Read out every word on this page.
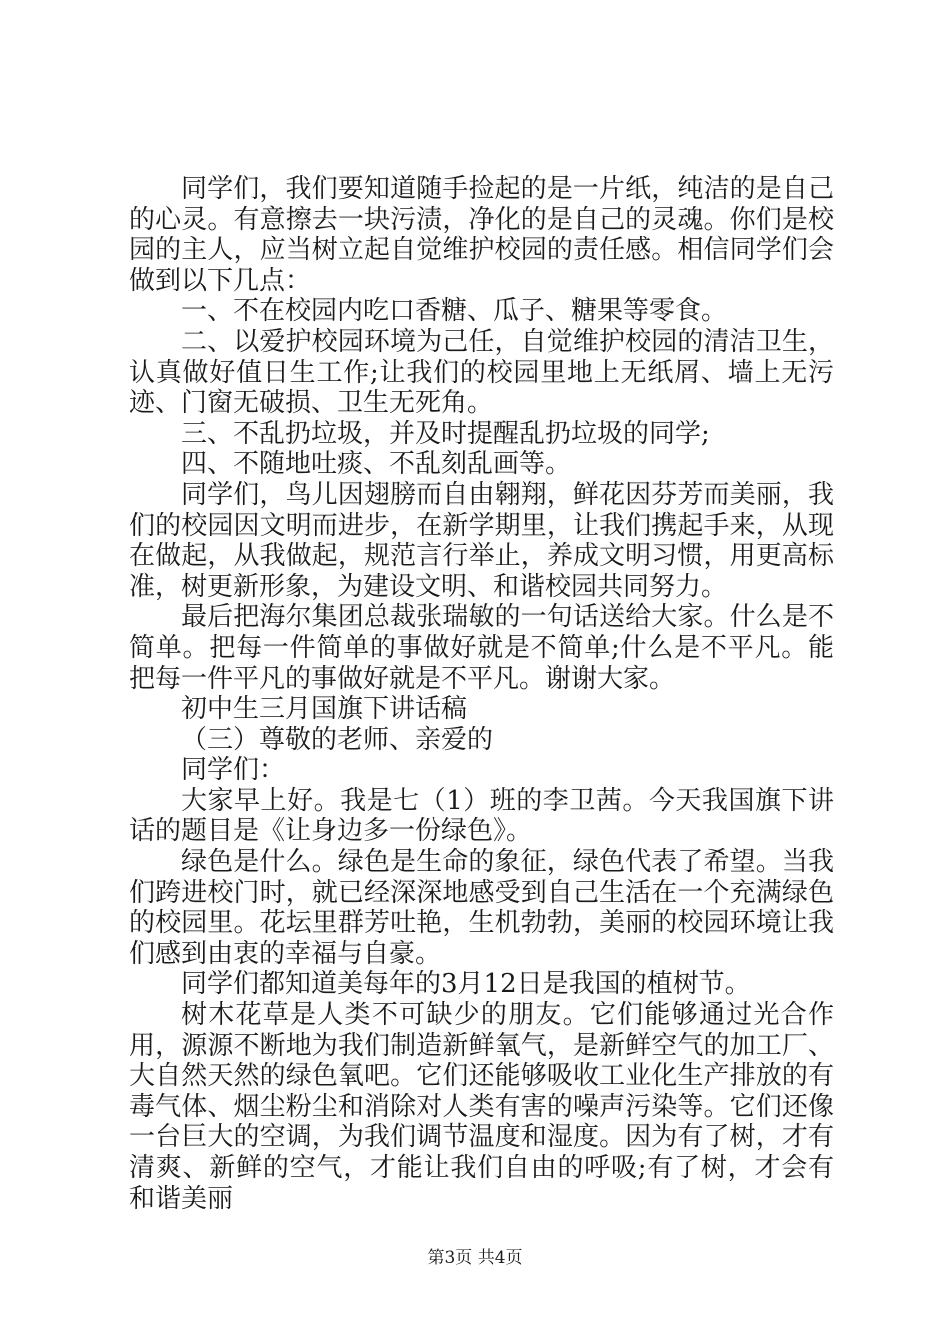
同学们，我们要知道随手捡起的是一片纸，纯洁的是自己的心灵。有意擦去一块污渍，净化的是自己的灵魂。你们是校园的主人，应当树立起自觉维护校园的责任感。相信同学们会做到以下几点：

一、不在校园内吃口香糖、瓜子、糖果等零食。

二、以爱护校园环境为己任，自觉维护校园的清洁卫生，认真做好值日生工作;让我们的校园里地上无纸屑、墙上无污迹、门窗无破损、卫生无死角。

三、不乱扔垃圾，并及时提醒乱扔垃圾的同学;

四、不随地吐痰、不乱刻乱画等。

同学们，鸟儿因翅膀而自由翱翔，鲜花因芬芳而美丽，我们的校园因文明而进步，在新学期里，让我们携起手来，从现在做起，从我做起，规范言行举止，养成文明习惯，用更高标准，树更新形象，为建设文明、和谐校园共同努力。

最后把海尔集团总裁张瑞敏的一句话送给大家。什么是不简单。把每一件简单的事做好就是不简单;什么是不平凡。能把每一件平凡的事做好就是不平凡。谢谢大家。

初中生三月国旗下讲话稿

（三）尊敬的老师、亲爱的

同学们：

大家早上好。我是七（1）班的李卫茜。今天我国旗下讲话的题目是《让身边多一份绿色》。

绿色是什么。绿色是生命的象征，绿色代表了希望。当我们跨进校门时，就已经深深地感受到自己生活在一个充满绿色的校园里。花坛里群芳吐艳，生机勃勃，美丽的校园环境让我们感到由衷的幸福与自豪。

同学们都知道美每年的3月12日是我国的植树节。

树木花草是人类不可缺少的朋友。它们能够通过光合作用，源源不断地为我们制造新鲜氧气，是新鲜空气的加工厂、大自然天然的绿色氧吧。它们还能够吸收工业化生产排放的有毒气体、烟尘粉尘和消除对人类有害的噪声污染等。它们还像一台巨大的空调，为我们调节温度和湿度。因为有了树，才有清爽、新鲜的空气，才能让我们自由的呼吸;有了树，才会有和谐美丽

第3页 共4页
